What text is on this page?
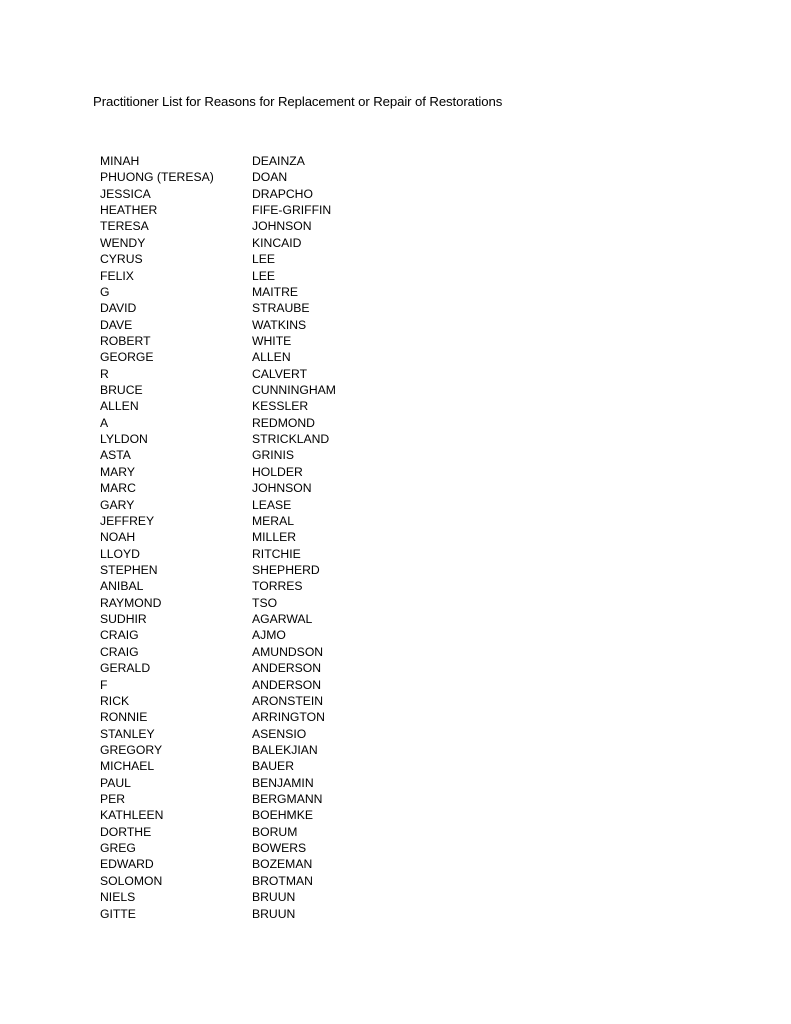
Practitioner List for Reasons for Replacement or Repair of Restorations
MINAH	DEAINZA
PHUONG (TERESA)	DOAN
JESSICA	DRAPCHO
HEATHER	FIFE-GRIFFIN
TERESA	JOHNSON
WENDY	KINCAID
CYRUS	LEE
FELIX	LEE
G	MAITRE
DAVID	STRAUBE
DAVE	WATKINS
ROBERT	WHITE
GEORGE	ALLEN
R	CALVERT
BRUCE	CUNNINGHAM
ALLEN	KESSLER
A	REDMOND
LYLDON	STRICKLAND
ASTA	GRINIS
MARY	HOLDER
MARC	JOHNSON
GARY	LEASE
JEFFREY	MERAL
NOAH	MILLER
LLOYD	RITCHIE
STEPHEN	SHEPHERD
ANIBAL	TORRES
RAYMOND	TSO
SUDHIR	AGARWAL
CRAIG	AJMO
CRAIG	AMUNDSON
GERALD	ANDERSON
F	ANDERSON
RICK	ARONSTEIN
RONNIE	ARRINGTON
STANLEY	ASENSIO
GREGORY	BALEKJIAN
MICHAEL	BAUER
PAUL	BENJAMIN
PER	BERGMANN
KATHLEEN	BOEHMKE
DORTHE	BORUM
GREG	BOWERS
EDWARD	BOZEMAN
SOLOMON	BROTMAN
NIELS	BRUUN
GITTE	BRUUN
